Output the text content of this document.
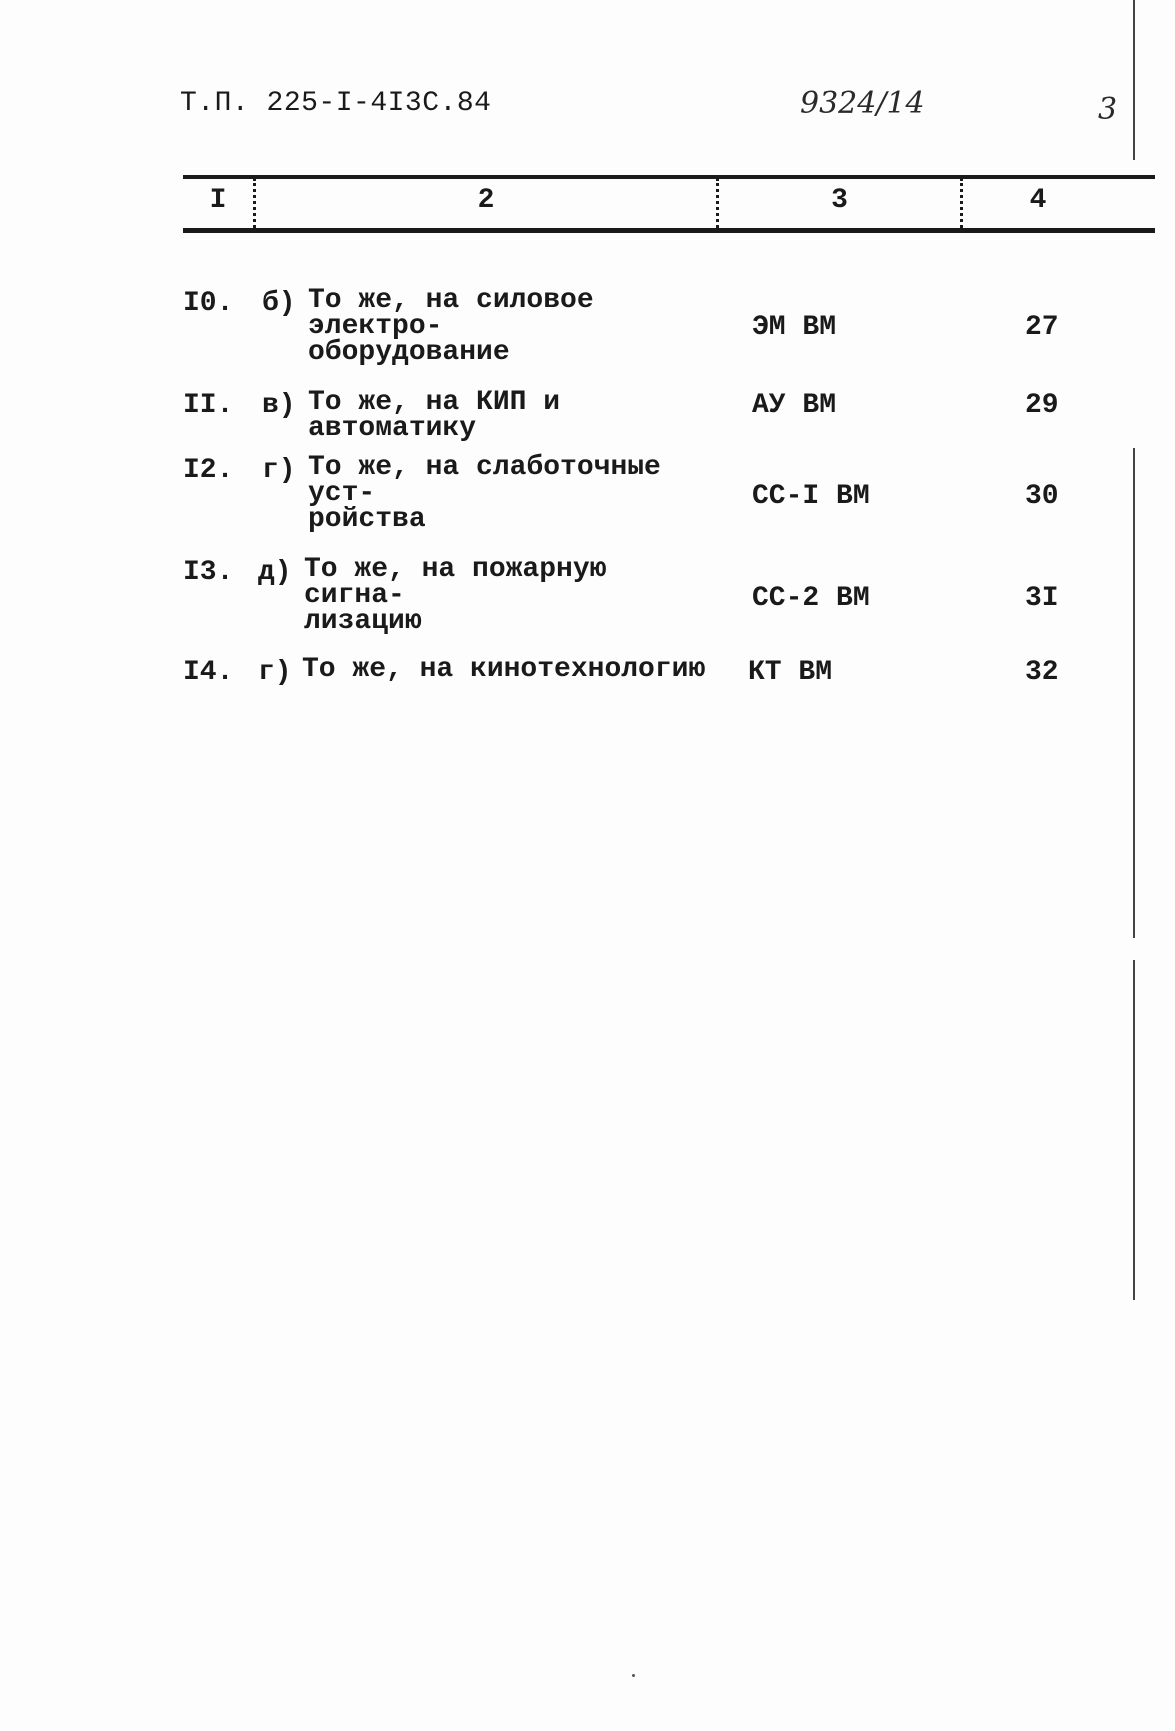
Т.П. 225-I-4I3C.84	9324/14	3
I	2	3	4
I0. б) То же, на силовое электро-
оборудование
ЭМ ВМ	27
II. в) То же, на КИП и автоматику
АУ ВМ	29
I2. г) То же, на слаботочные уст-
ройства
CC-I ВМ	30
I3. д) То же, на пожарную сигна-
лизацию
CC-2 ВМ	3I
I4. г) То же, на кинотехнологию	КТ ВМ	32
